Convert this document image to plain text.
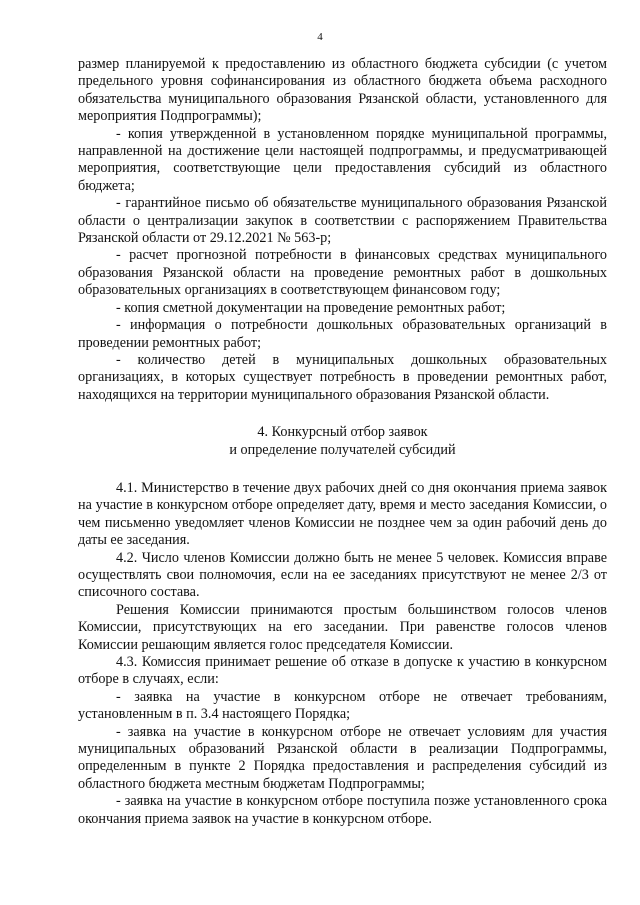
4

размер планируемой к предоставлению из областного бюджета субсидии (с учетом предельного уровня софинансирования из областного бюджета объема расходного обязательства муниципального образования Рязанской области, установленного для мероприятия Подпрограммы);

- копия утвержденной в установленном порядке муниципальной программы, направленной на достижение цели настоящей подпрограммы, и предусматривающей мероприятия, соответствующие цели предоставления субсидий из областного бюджета;

- гарантийное письмо об обязательстве муниципального образования Рязанской области о централизации закупок в соответствии с распоряжением Правительства Рязанской области от 29.12.2021 № 563-р;

- расчет прогнозной потребности в финансовых средствах муниципального образования Рязанской области на проведение ремонтных работ в дошкольных образовательных организациях в соответствующем финансовом году;

- копия сметной документации на проведение ремонтных работ;

- информация о потребности дошкольных образовательных организаций в проведении ремонтных работ;

- количество детей в муниципальных дошкольных образовательных организациях, в которых существует потребность в проведении ремонтных работ, находящихся на территории муниципального образования Рязанской области.

4. Конкурсный отбор заявок
и определение получателей субсидий

4.1. Министерство в течение двух рабочих дней со дня окончания приема заявок на участие в конкурсном отборе определяет дату, время и место заседания Комиссии, о чем письменно уведомляет членов Комиссии не позднее чем за один рабочий день до даты ее заседания.

4.2. Число членов Комиссии должно быть не менее 5 человек. Комиссия вправе осуществлять свои полномочия, если на ее заседаниях присутствуют не менее 2/3 от списочного состава.

Решения Комиссии принимаются простым большинством голосов членов Комиссии, присутствующих на его заседании. При равенстве голосов членов Комиссии решающим является голос председателя Комиссии.

4.3. Комиссия принимает решение об отказе в допуске к участию в конкурсном отборе в случаях, если:

- заявка на участие в конкурсном отборе не отвечает требованиям, установленным в п. 3.4 настоящего Порядка;

- заявка на участие в конкурсном отборе не отвечает условиям для участия муниципальных образований Рязанской области в реализации Подпрограммы, определенным в пункте 2 Порядка предоставления и распределения субсидий из областного бюджета местным бюджетам Подпрограммы;

- заявка на участие в конкурсном отборе поступила позже установленного срока окончания приема заявок на участие в конкурсном отборе.
